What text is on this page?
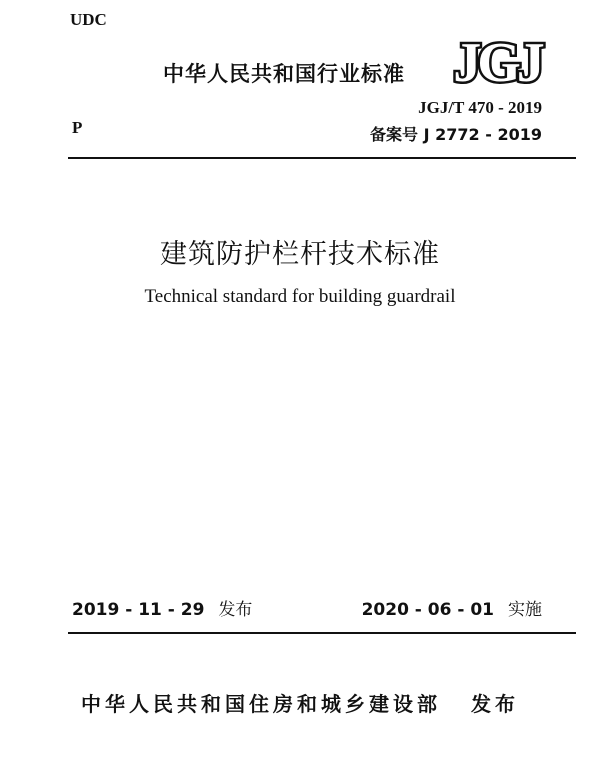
UDC
P
中华人民共和国行业标准 JGJ
JGJ/T 470 - 2019
备案号 J 2772 - 2019
建筑防护栏杆技术标准
Technical standard for building guardrail
2019 - 11 - 29 发布	2020 - 06 - 01 实施
中华人民共和国住房和城乡建设部 发布
